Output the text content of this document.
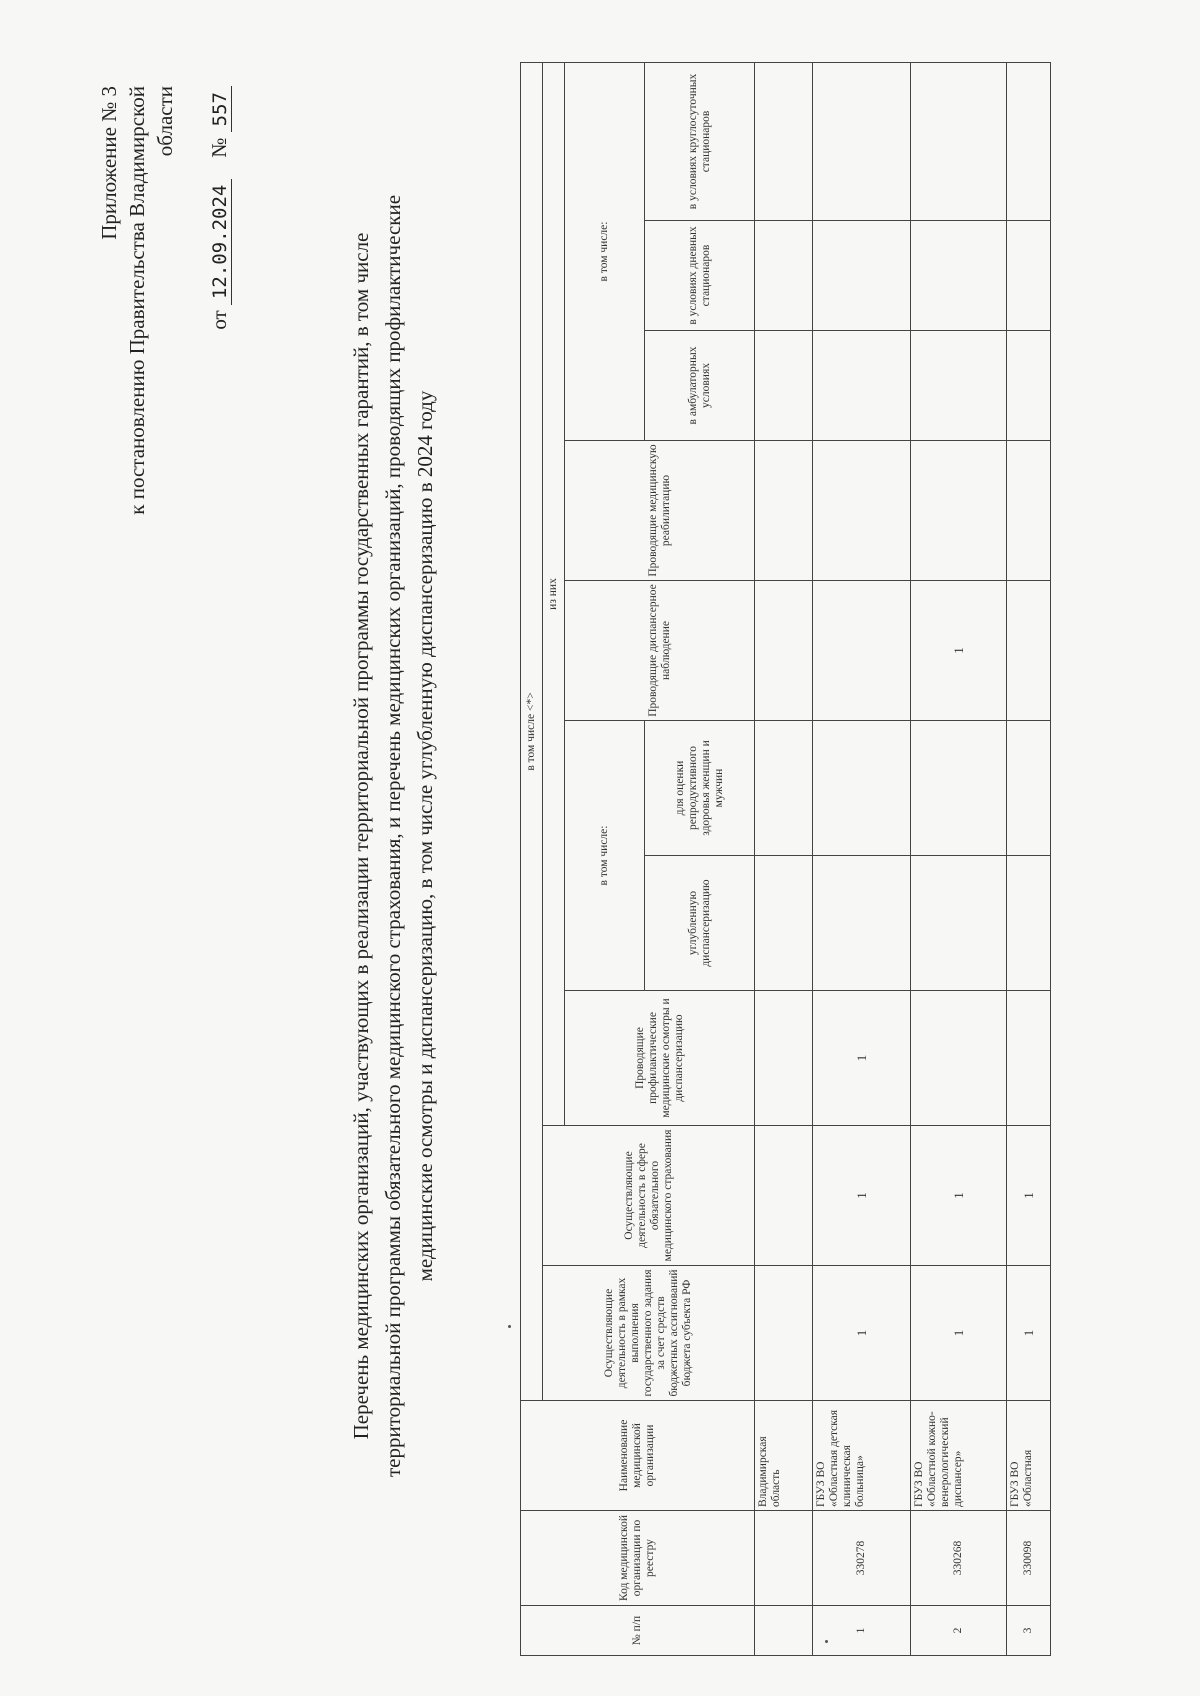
Приложение № 3 к постановлению Правительства Владимирской области
от 12.09.2024    № 557
Перечень медицинских организаций, участвующих в реализации территориальной программы государственных гарантий, в том числе территориальной программы обязательного медицинского страхования, и перечень медицинских организаций, проводящих профилактические медицинские осмотры и диспансеризацию, в том числе углубленную диспансеризацию в 2024 году
№ п/п	Код медицинской организации по реестру	Наименование медицинской организации	в том числе <*>									
			Осуществляющие деятельность в рамках выполнения государственного задания за счет средств бюджетных ассигнований бюджета субъекта РФ	Осуществляющие деятельность в сфере обязательного медицинского страхования	из них							
					Проводящие профилактические медицинские осмотры и диспансеризацию	в том числе:		Проводящие диспансерное наблюдение	Проводящие медицинскую реабилитацию	в том числе:		
						углубленную диспансеризацию	для оценки репродуктивного здоровья женщин и мужчин			в амбулаторных условиях	в условиях дневных стационаров	в условиях круглосуточных стационаров
		Владимирская область										
1	330278	ГБУЗ ВО «Областная детская клиническая больница»	1	1	1							
2	330268	ГБУЗ ВО «Областной кожно-венерологический диспансер»	1	1				1				
3	330098	ГБУЗ ВО «Областная	1	1								
